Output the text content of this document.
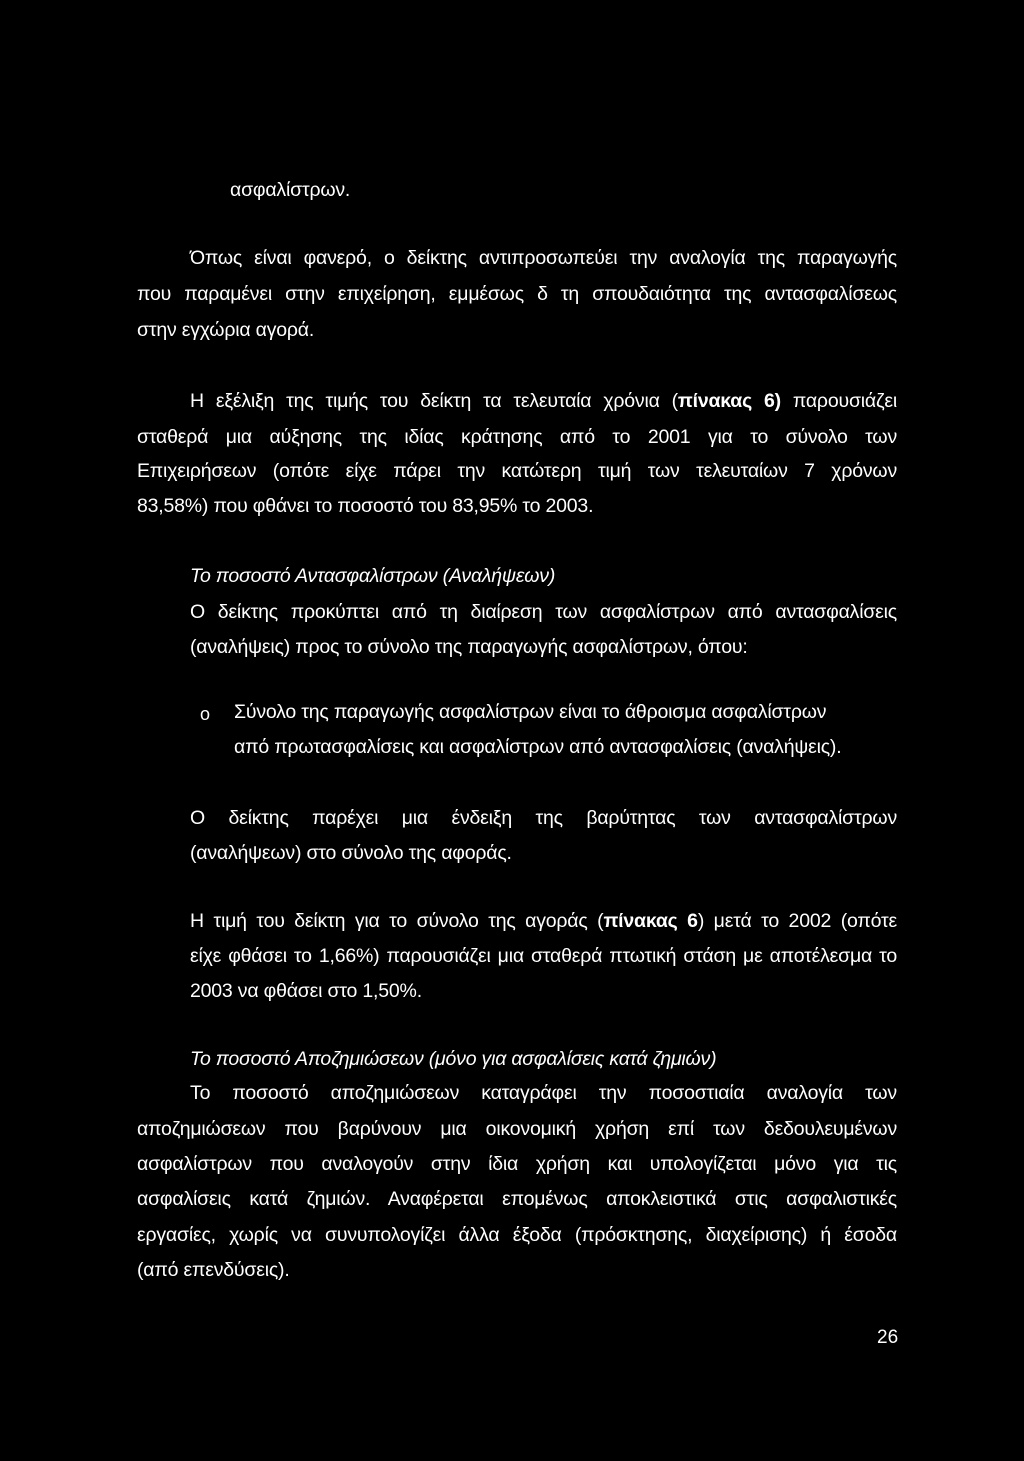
ασφαλίστρων.
Όπως είναι φανερό, ο δείκτης αντιπροσωπεύει την αναλογία της παραγωγής
που παραμένει στην επιχείρηση, εμμέσως δ τη σπουδαιότητα της αντασφαλίσεως
στην εγχώρια αγορά.
Η εξέλιξη της τιμής του δείκτη τα τελευταία χρόνια (πίνακας 6) παρουσιάζει
σταθερά μια αύξησης της ιδίας κράτησης από το 2001 για το σύνολο των
Επιχειρήσεων (οπότε είχε πάρει την κατώτερη τιμή των τελευταίων 7 χρόνων
83,58%) που φθάνει το ποσοστό του 83,95% το 2003.
Το ποσοστό Αντασφαλίστρων (Αναλήψεων)
Ο δείκτης προκύπτει από τη διαίρεση των ασφαλίστρων από αντασφαλίσεις
(αναλήψεις) προς το σύνολο της παραγωγής ασφαλίστρων, όπου:
o Σύνολο της παραγωγής ασφαλίστρων είναι το άθροισμα ασφαλίστρων
από πρωτασφαλίσεις και ασφαλίστρων από αντασφαλίσεις (αναλήψεις).
Ο δείκτης παρέχει μια ένδειξη της βαρύτητας των αντασφαλίστρων
(αναλήψεων) στο σύνολο της αφοράς.
Η τιμή του δείκτη για το σύνολο της αγοράς (πίνακας 6) μετά το 2002 (οπότε
είχε φθάσει το 1,66%) παρουσιάζει μια σταθερά πτωτική στάση με αποτέλεσμα το
2003 να φθάσει στο 1,50%.
Το ποσοστό Αποζημιώσεων (μόνο για ασφαλίσεις κατά ζημιών)
Το ποσοστό αποζημιώσεων καταγράφει την ποσοστιαία αναλογία των
αποζημιώσεων που βαρύνουν μια οικονομική χρήση επί των δεδουλευμένων
ασφαλίστρων που αναλογούν στην ίδια χρήση και υπολογίζεται μόνο για τις
ασφαλίσεις κατά ζημιών. Αναφέρεται επομένως αποκλειστικά στις ασφαλιστικές
εργασίες, χωρίς να συνυπολογίζει άλλα έξοδα (πρόσκτησης, διαχείρισης) ή έσοδα
(από επενδύσεις).
26
